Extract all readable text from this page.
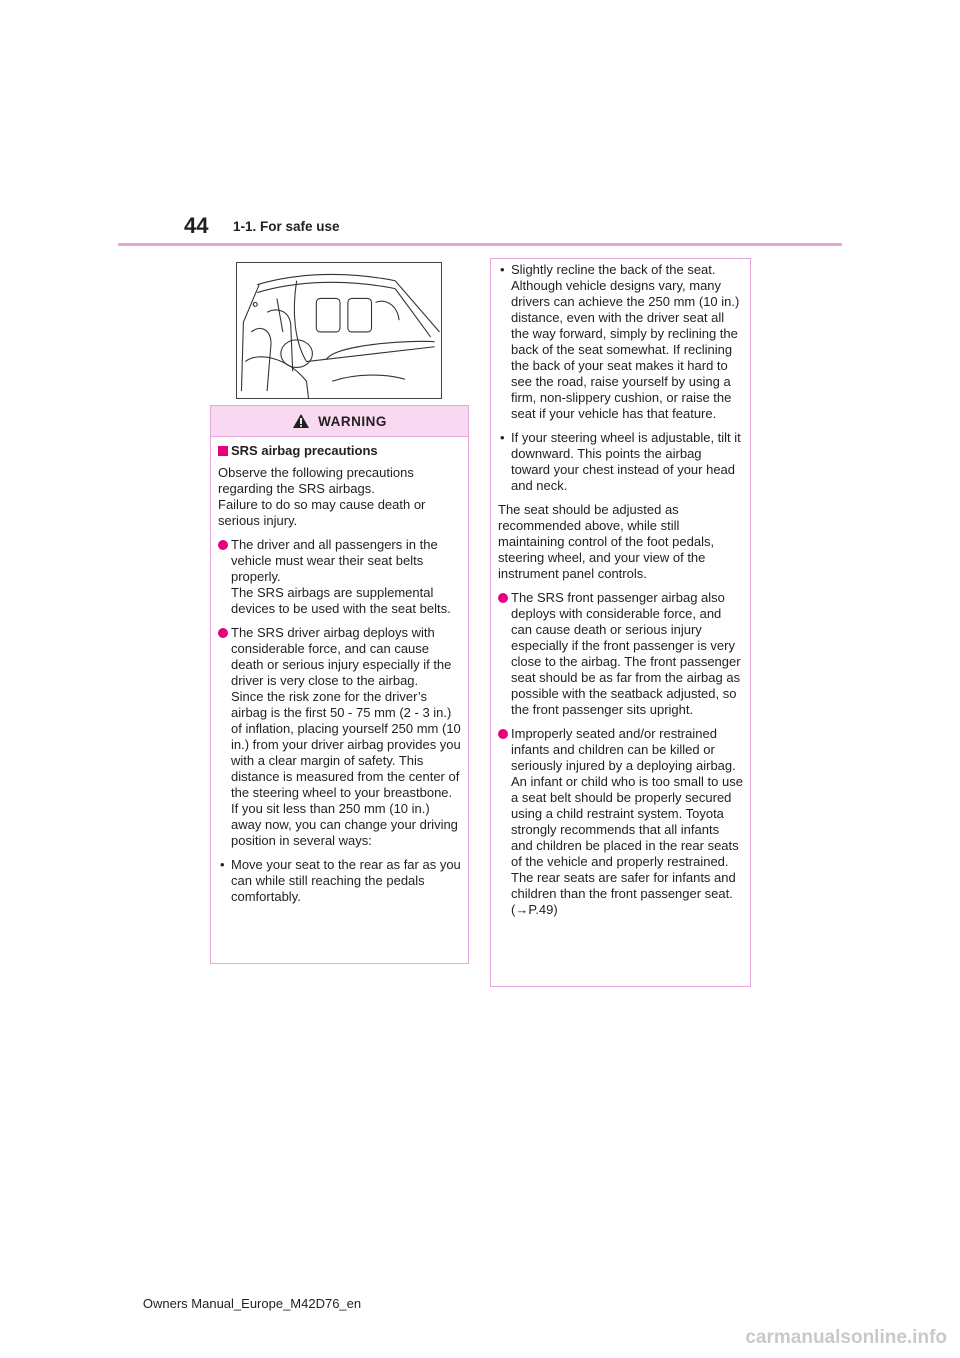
44 1-1. For safe use
WARNING
SRS airbag precautions
Observe the following precautions regarding the SRS airbags.
Failure to do so may cause death or serious injury.
The driver and all passengers in the vehicle must wear their seat belts properly.
The SRS airbags are supplemental devices to be used with the seat belts.
The SRS driver airbag deploys with considerable force, and can cause death or serious injury especially if the driver is very close to the airbag.
Since the risk zone for the driver’s airbag is the first 50 - 75 mm (2 - 3 in.) of inflation, placing yourself 250 mm (10 in.) from your driver airbag provides you with a clear margin of safety. This distance is measured from the center of the steering wheel to your breastbone. If you sit less than 250 mm (10 in.) away now, you can change your driving position in several ways:
• Move your seat to the rear as far as you can while still reaching the pedals comfortably.
• Slightly recline the back of the seat. Although vehicle designs vary, many drivers can achieve the 250 mm (10 in.) distance, even with the driver seat all the way forward, simply by reclining the back of the seat somewhat. If reclining the back of your seat makes it hard to see the road, raise yourself by using a firm, non-slippery cushion, or raise the seat if your vehicle has that feature.
• If your steering wheel is adjustable, tilt it downward. This points the airbag toward your chest instead of your head and neck.
The seat should be adjusted as recommended above, while still maintaining control of the foot pedals, steering wheel, and your view of the instrument panel controls.
The SRS front passenger airbag also deploys with considerable force, and can cause death or serious injury especially if the front passenger is very close to the airbag. The front passenger seat should be as far from the airbag as possible with the seatback adjusted, so the front passenger sits upright.
Improperly seated and/or restrained infants and children can be killed or seriously injured by a deploying airbag. An infant or child who is too small to use a seat belt should be properly secured using a child restraint system. Toyota strongly recommends that all infants and children be placed in the rear seats of the vehicle and properly restrained. The rear seats are safer for infants and children than the front passenger seat. (→P.49)
Owners Manual_Europe_M42D76_en
carmanualsonline.info
